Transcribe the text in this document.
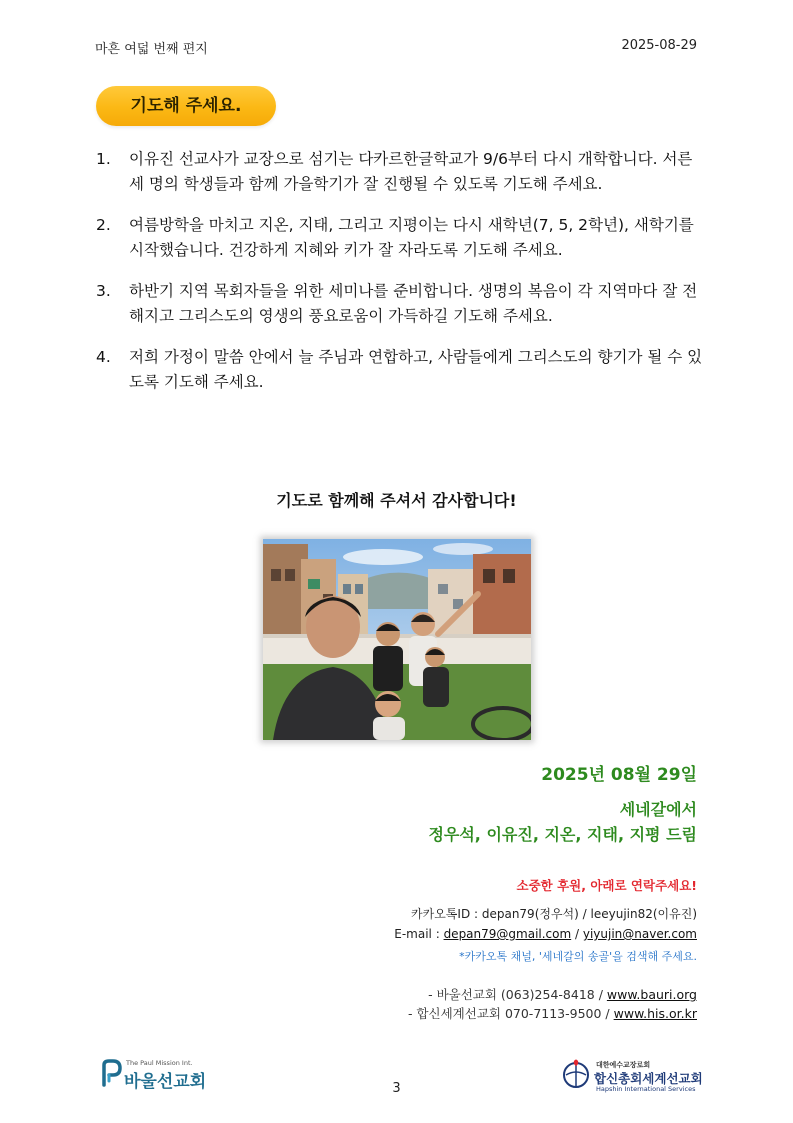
마흔 여덟 번째 편지	2025-08-29
기도해 주세요.
1.	이유진 선교사가 교장으로 섬기는 다카르한글학교가 9/6부터 다시 개학합니다. 서른 세 명의 학생들과 함께 가을학기가 잘 진행될 수 있도록 기도해 주세요.
2.	여름방학을 마치고 지온, 지태, 그리고 지평이는 다시 새학년(7, 5, 2학년), 새학기를 시작했습니다. 건강하게 지혜와 키가 잘 자라도록 기도해 주세요.
3.	하반기 지역 목회자들을 위한 세미나를 준비합니다. 생명의 복음이 각 지역마다 잘 전해지고 그리스도의 영생의 풍요로움이 가득하길 기도해 주세요.
4.	저희 가정이 말씀 안에서 늘 주님과 연합하고, 사람들에게 그리스도의 향기가 될 수 있도록 기도해 주세요.
기도로 함께해 주셔서 감사합니다!
2025년 08월 29일
세네갈에서
정우석, 이유진, 지온, 지태, 지평 드림
소중한 후원, 아래로 연락주세요!
카카오톡ID : depan79(정우석) / leeyujin82(이유진)
E-mail : depan79@gmail.com / yiyujin@naver.com
*카카오톡 채널, '세네갈의 송골'을 검색해 주세요.
- 바울선교회 (063)254-8418 / www.bauri.org
- 합신세계선교회 070-7113-9500 / www.his.or.kr
The Paul Mission Int.
바울선교회	3
대한예수교장로회
합신총회세계선교회
Hapshin International Services
